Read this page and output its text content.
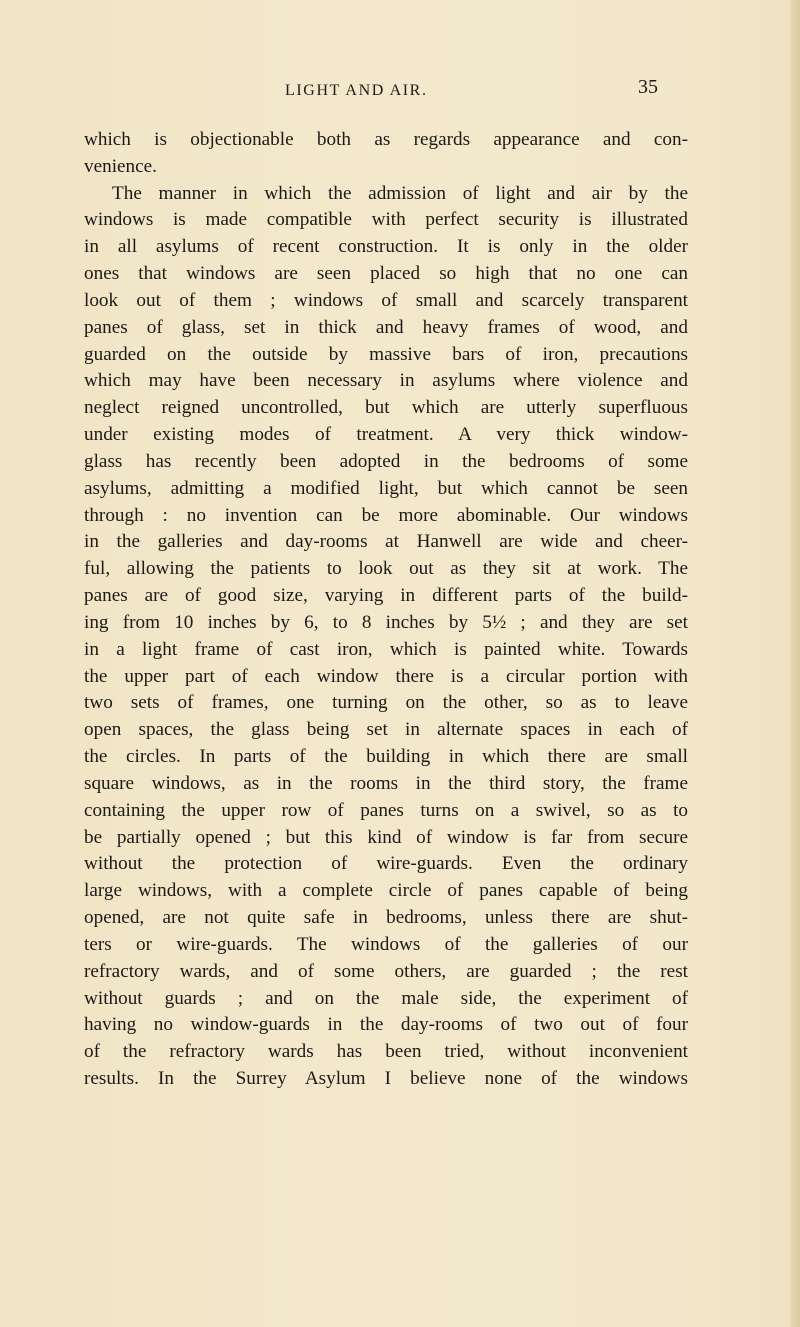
LIGHT AND AIR.	35
which is objectionable both as regards appearance and con-
venience.
The manner in which the admission of light and air by the
windows is made compatible with perfect security is illustrated
in all asylums of recent construction. It is only in the older
ones that windows are seen placed so high that no one can
look out of them ; windows of small and scarcely transparent
panes of glass, set in thick and heavy frames of wood, and
guarded on the outside by massive bars of iron, precautions
which may have been necessary in asylums where violence and
neglect reigned uncontrolled, but which are utterly superfluous
under existing modes of treatment. A very thick window-
glass has recently been adopted in the bedrooms of some
asylums, admitting a modified light, but which cannot be seen
through : no invention can be more abominable. Our windows
in the galleries and day-rooms at Hanwell are wide and cheer-
ful, allowing the patients to look out as they sit at work. The
panes are of good size, varying in different parts of the build-
ing from 10 inches by 6, to 8 inches by 5½ ; and they are set
in a light frame of cast iron, which is painted white. Towards
the upper part of each window there is a circular portion with
two sets of frames, one turning on the other, so as to leave
open spaces, the glass being set in alternate spaces in each of
the circles. In parts of the building in which there are small
square windows, as in the rooms in the third story, the frame
containing the upper row of panes turns on a swivel, so as to
be partially opened ; but this kind of window is far from secure
without the protection of wire-guards. Even the ordinary
large windows, with a complete circle of panes capable of being
opened, are not quite safe in bedrooms, unless there are shut-
ters or wire-guards. The windows of the galleries of our
refractory wards, and of some others, are guarded ; the rest
without guards ; and on the male side, the experiment of
having no window-guards in the day-rooms of two out of four
of the refractory wards has been tried, without inconvenient
results. In the Surrey Asylum I believe none of the windows
